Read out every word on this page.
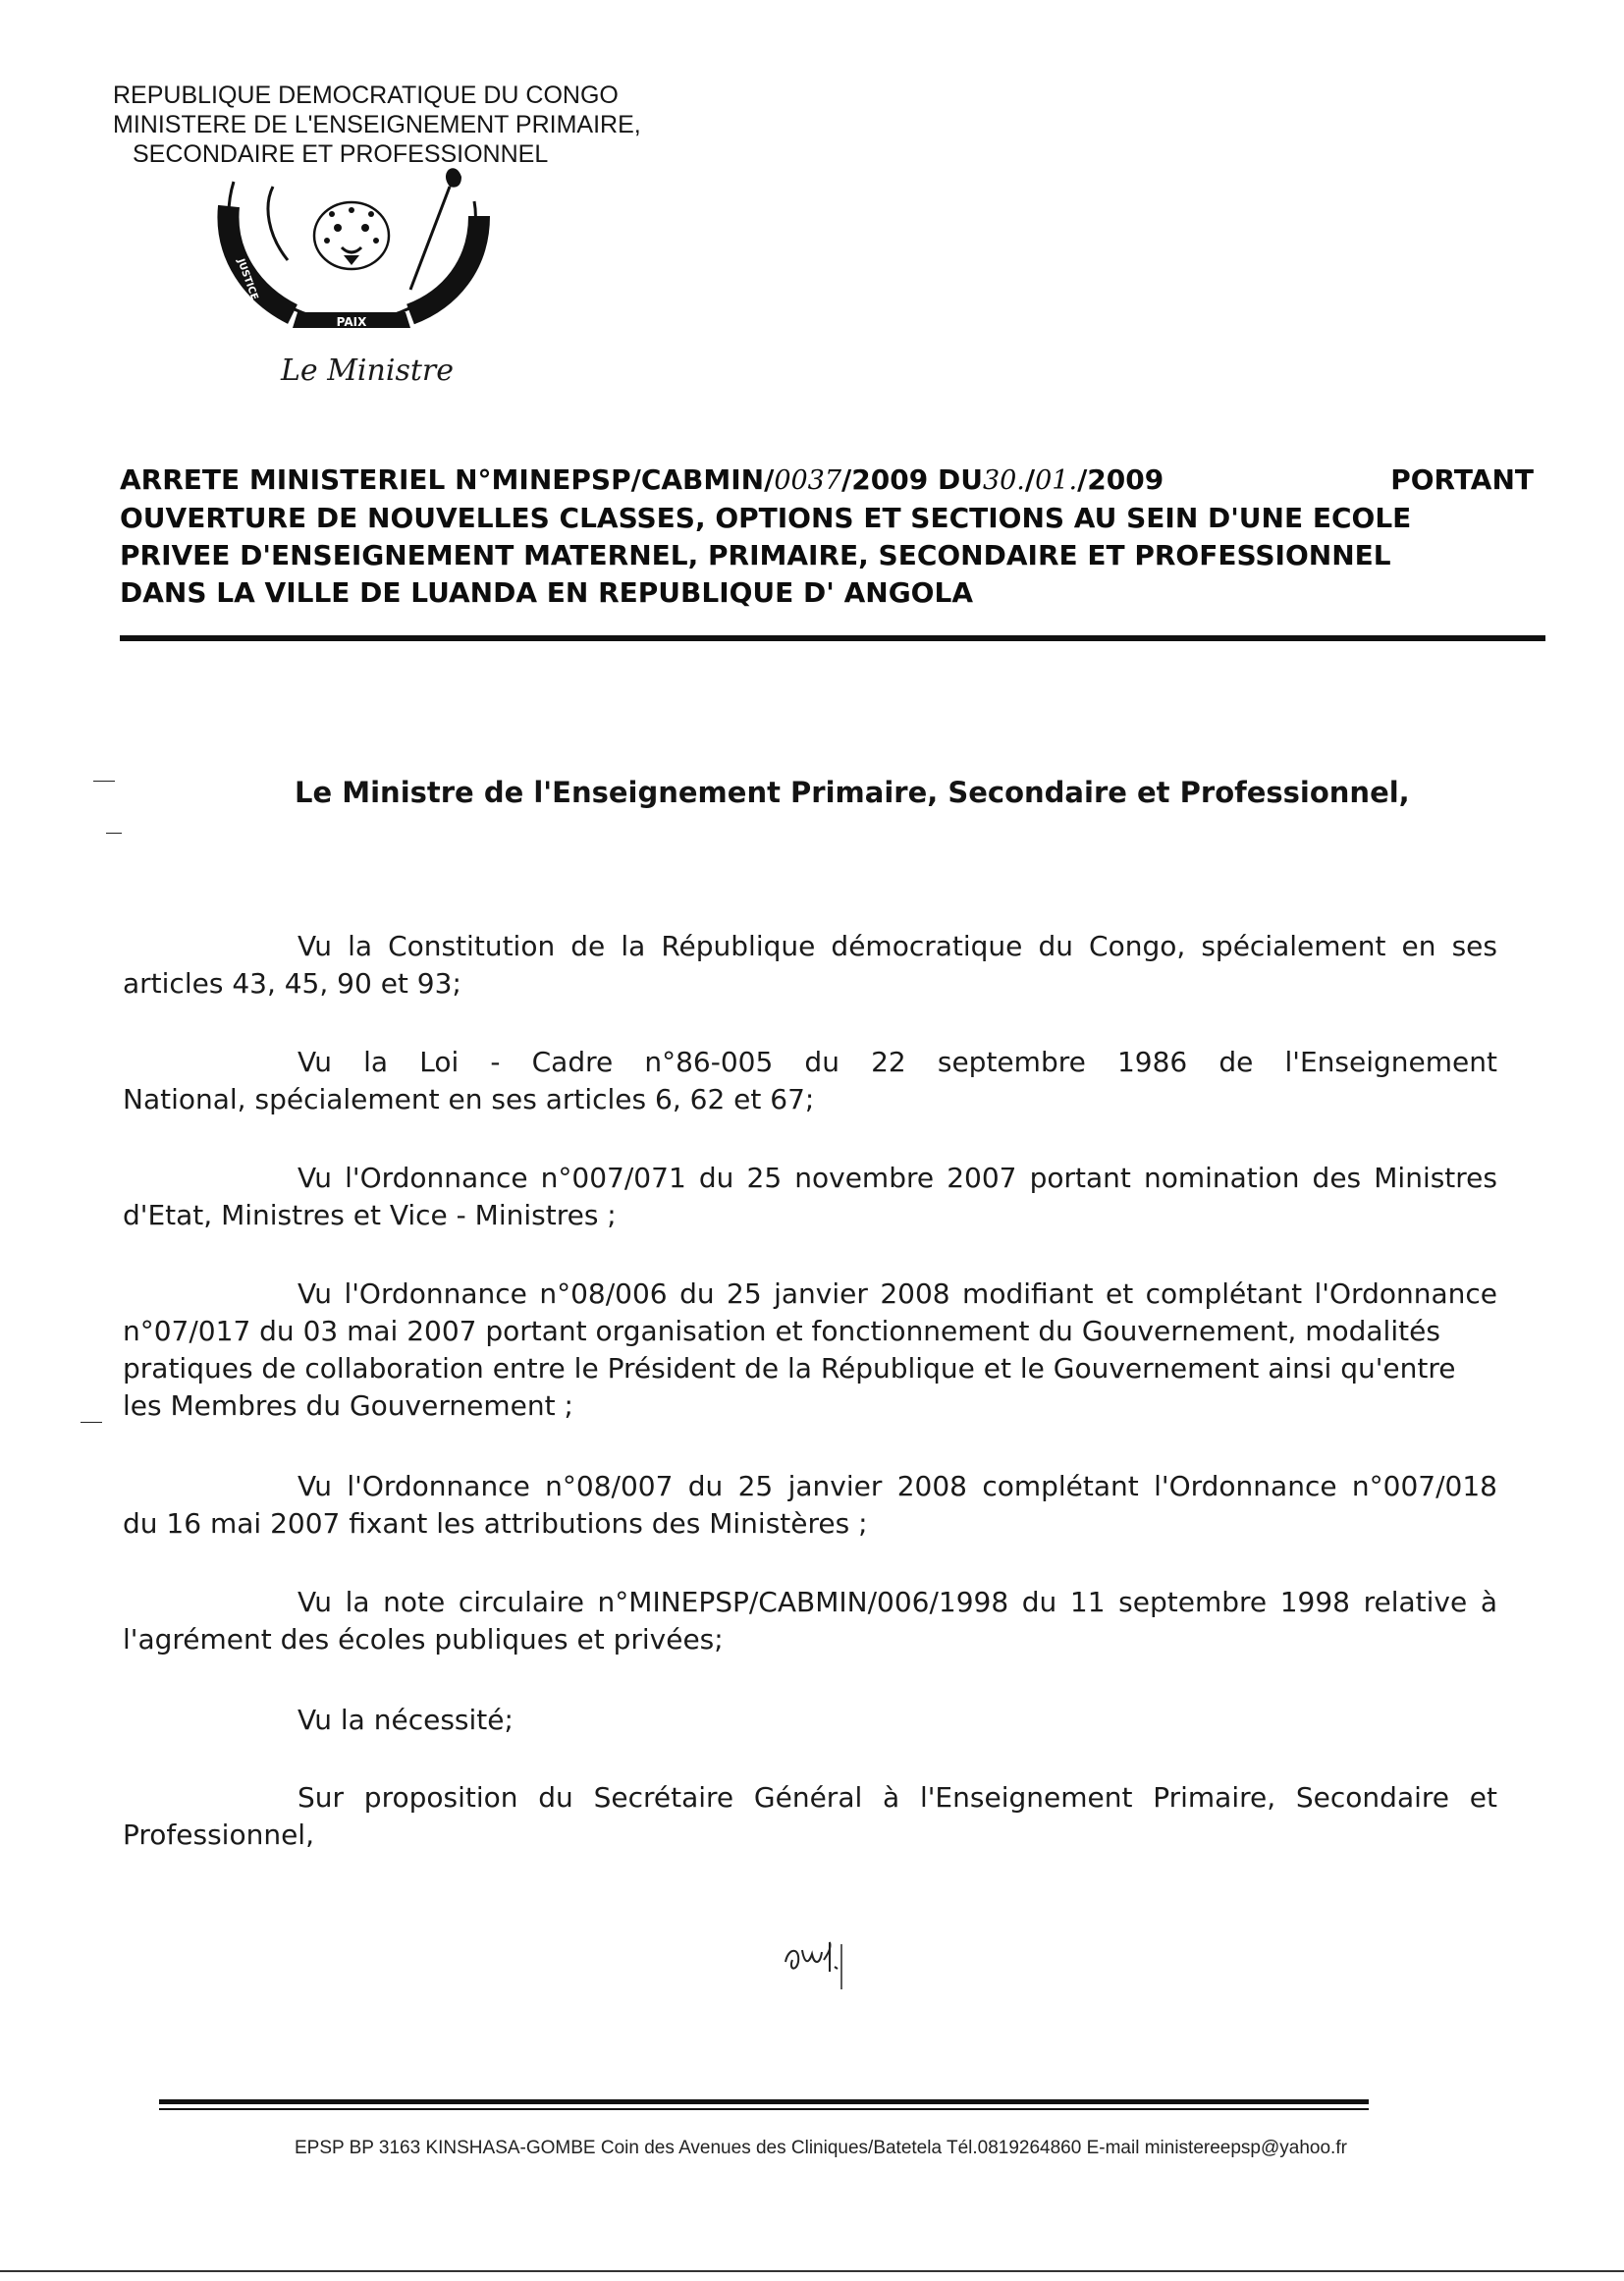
REPUBLIQUE DEMOCRATIQUE DU CONGO
MINISTERE DE L'ENSEIGNEMENT PRIMAIRE,
SECONDAIRE ET PROFESSIONNEL
PAIX
JUSTICE
TRAVAIL
Le Ministre
ARRETE MINISTERIEL N°MINEPSP/CABMIN/0037/2009 DU30./01./2009	PORTANT
OUVERTURE DE NOUVELLES CLASSES, OPTIONS ET SECTIONS AU SEIN D'UNE ECOLE
PRIVEE D'ENSEIGNEMENT MATERNEL, PRIMAIRE, SECONDAIRE ET PROFESSIONNEL
DANS LA VILLE DE LUANDA EN REPUBLIQUE D' ANGOLA
Le Ministre de l'Enseignement Primaire, Secondaire et Professionnel,
Vu la Constitution de la République démocratique du Congo, spécialement en ses
articles 43, 45, 90 et 93;
Vu la Loi - Cadre n°86-005 du 22 septembre 1986 de l'Enseignement
National, spécialement en ses articles 6, 62 et 67;
Vu l'Ordonnance n°007/071 du 25 novembre 2007 portant nomination des Ministres
d'Etat, Ministres et Vice - Ministres ;
Vu l'Ordonnance n°08/006 du 25 janvier 2008 modifiant et complétant l'Ordonnance
n°07/017 du 03 mai 2007 portant organisation et fonctionnement du Gouvernement, modalités
pratiques de collaboration entre le Président de la République et le Gouvernement ainsi qu'entre
les Membres du Gouvernement ;
Vu l'Ordonnance n°08/007 du 25 janvier 2008 complétant l'Ordonnance n°007/018
du 16 mai 2007 fixant les attributions des Ministères ;
Vu la note circulaire n°MINEPSP/CABMIN/006/1998 du 11 septembre 1998 relative à
l'agrément des écoles publiques et privées;
Vu la nécessité;
Sur proposition du Secrétaire Général à l'Enseignement Primaire, Secondaire et
Professionnel,
EPSP BP 3163 KINSHASA-GOMBE Coin des Avenues des Cliniques/Batetela Tél.0819264860 E-mail ministereepsp@yahoo.fr
